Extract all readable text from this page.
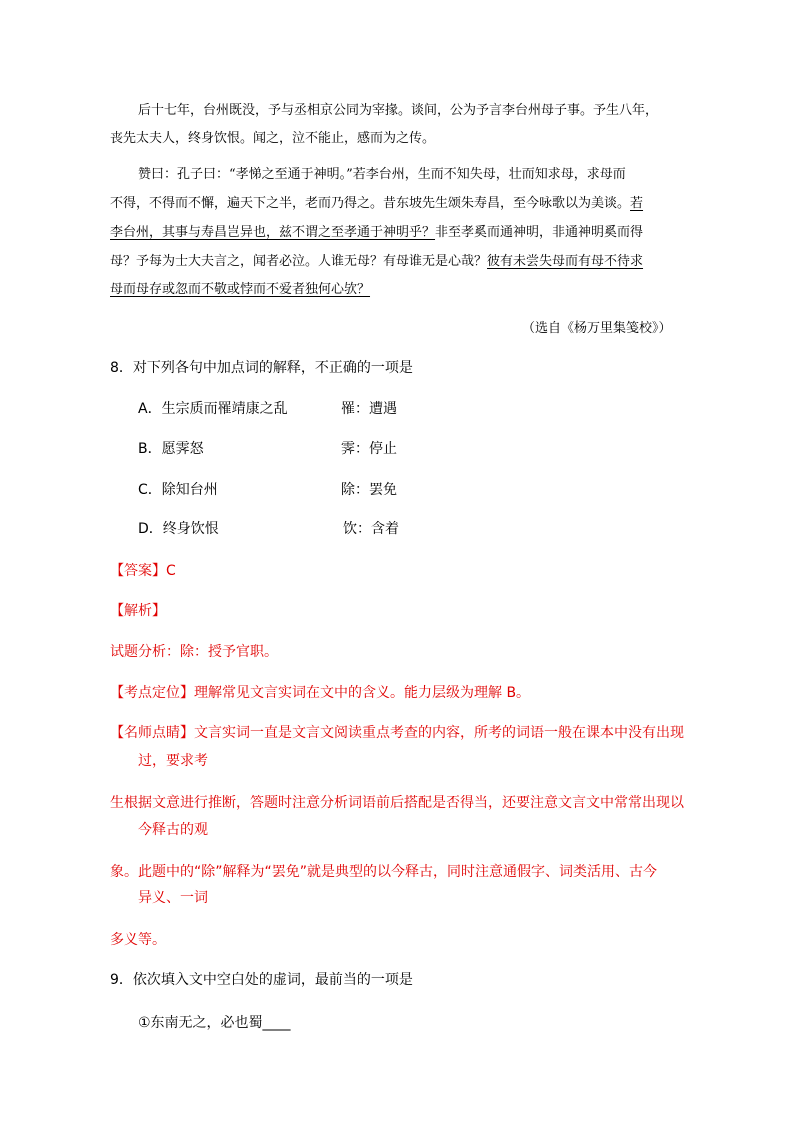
后十七年，台州既没，予与丞相京公同为宰掾。谈间，公为予言李台州母子事。予生八年，
丧先太夫人，终身饮恨。闻之，泣不能止，感而为之传。
赞曰：孔子曰：“孝悌之至通于神明。”若李台州，生而不知失母，壮而知求母，求母而
不得，不得而不懈，遍天下之半，老而乃得之。昔东坡先生颂朱寿昌，至今咏歌以为美谈。若
李台州，其事与寿昌岂异也，兹不谓之至孝通于神明乎？非至孝奚而通神明，非通神明奚而得
母？予每为士大夫言之，闻者必泣。人谁无母？有母谁无是心哉？彼有未尝失母而有母不待求
母而母存或忽而不敬或悖而不爱者独何心欤？
（选自《杨万里集笺校》）
8．对下列各句中加点词的解释，不正确的一项是
A．生宗质而罹靖康之乱	罹：遭遇
B．愿霁怒	霁：停止
C．除知台州	除：罢免
D．终身饮恨	饮：含着
【答案】C
【解析】
试题分析：除：授予官职。
【考点定位】理解常见文言实词在文中的含义。能力层级为理解 B。
【名师点睛】文言实词一直是文言文阅读重点考查的内容，所考的词语一般在课本中没有出现
过，要求考
生根据文意进行推断，答题时注意分析词语前后搭配是否得当，还要注意文言文中常常出现以
今释古的观
象。此题中的“除”解释为“罢免”就是典型的以今释古，同时注意通假字、词类活用、古今
异义、一词
多义等。
9．依次填入文中空白处的虚词，最前当的一项是
①东南无之，必也蜀____
